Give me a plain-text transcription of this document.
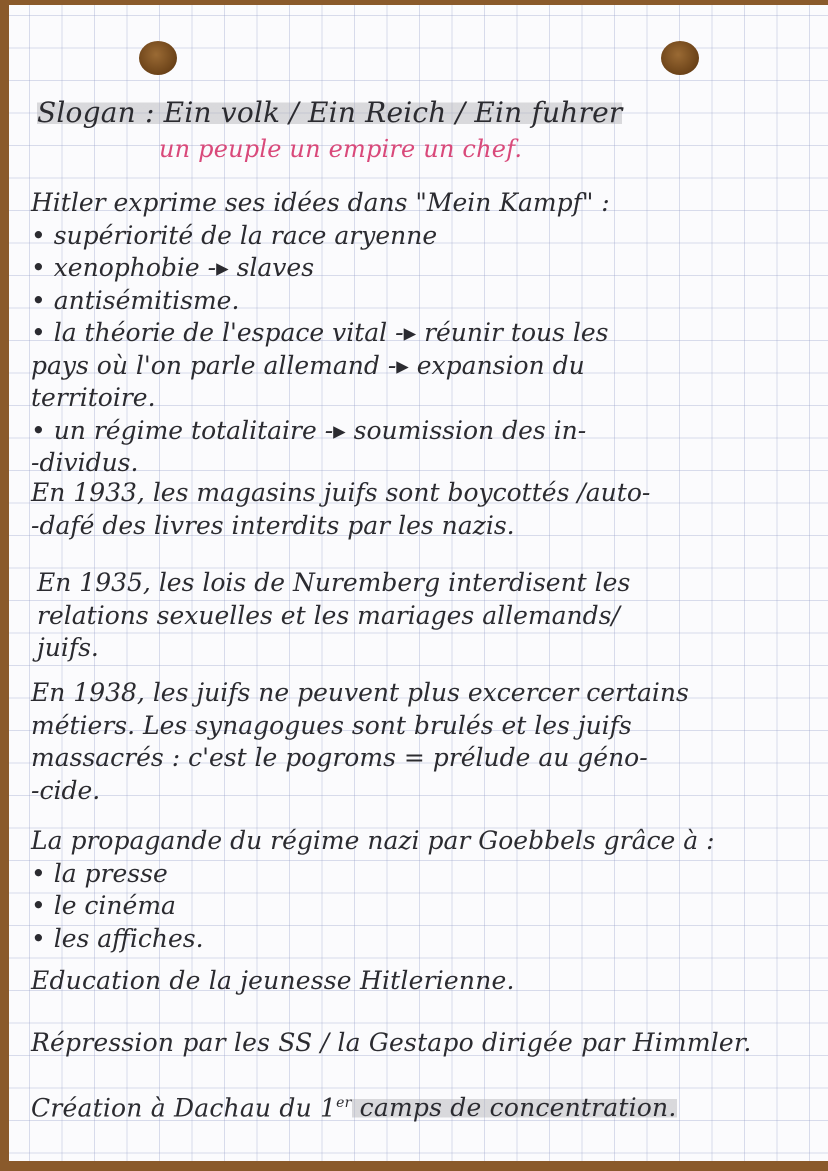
Slogan : Ein volk / Ein Reich / Ein fuhrer
un peuple un empire un chef.
Hitler exprime ses idées dans "Mein Kampf" :
• supériorité de la race aryenne
• xenophobie -▸ slaves
• antisémitisme.
• la théorie de l'espace vital -▸ réunir tous les
pays où l'on parle allemand -▸ expansion du
territoire.
• un régime totalitaire -▸ soumission des in-
-dividus.
En 1933, les magasins juifs sont boycottés /auto-
-dafé des livres interdits par les nazis.
En 1935, les lois de Nuremberg interdisent les
relations sexuelles et les mariages allemands/
juifs.
En 1938, les juifs ne peuvent plus excercer certains
métiers. Les synagogues sont brulés et les juifs
massacrés : c'est le pogroms = prélude au géno-
-cide.
La propagande du régime nazi par Goebbels grâce à :
• la presse
• le cinéma
• les affiches.
Education de la jeunesse Hitlerienne.
Répression par les SS / la Gestapo dirigée par Himmler.
Création à Dachau du 1er camps de concentration.
